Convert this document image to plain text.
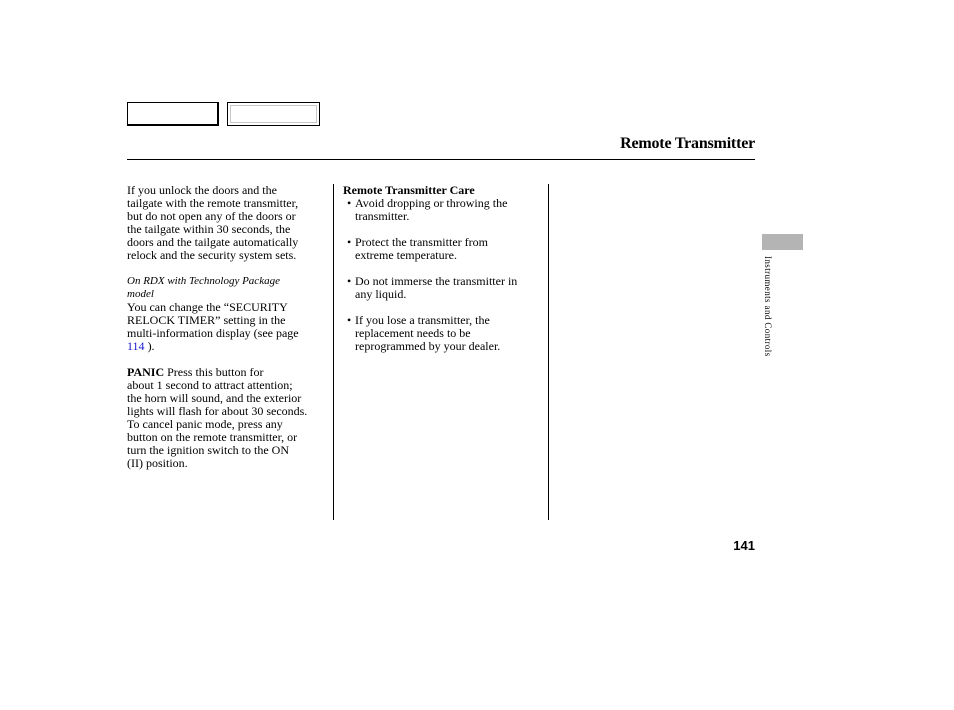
Remote Transmitter

If you unlock the doors and the
tailgate with the remote transmitter,
but do not open any of the doors or
the tailgate within 30 seconds, the
doors and the tailgate automatically
relock and the security system sets.

On RDX with Technology Package
model

You can change the “SECURITY
RELOCK TIMER” setting in the
multi-information display (see page
114 ).

PANIC Press this button for
about 1 second to attract attention;
the horn will sound, and the exterior
lights will flash for about 30 seconds.
To cancel panic mode, press any
button on the remote transmitter, or
turn the ignition switch to the ON
(II) position.

Remote Transmitter Care

• Avoid dropping or throwing the
transmitter.
• Protect the transmitter from
extreme temperature.
• Do not immerse the transmitter in
any liquid.
• If you lose a transmitter, the
replacement needs to be
reprogrammed by your dealer.	Instruments and Controls
141
